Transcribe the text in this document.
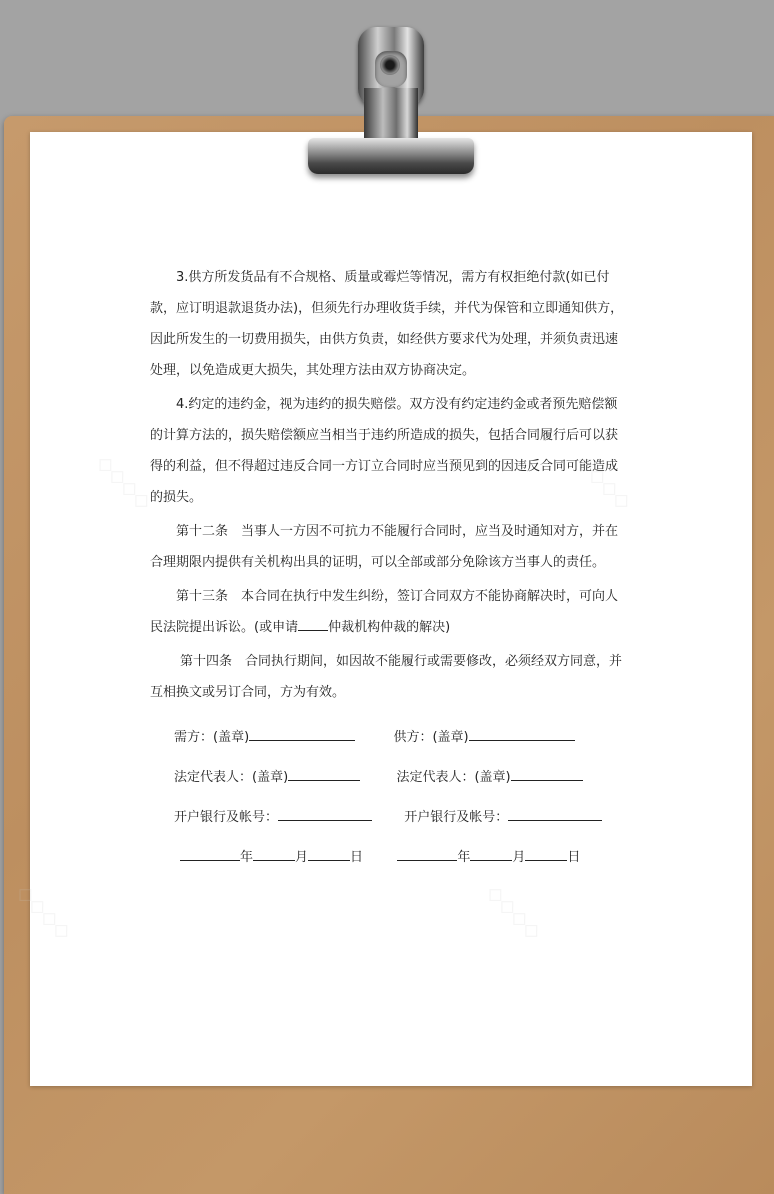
3.供方所发货品有不合规格、质量或霉烂等情况，需方有权拒绝付款(如已付款，应订明退款退货办法)，但须先行办理收货手续，并代为保管和立即通知供方，因此所发生的一切费用损失，由供方负责，如经供方要求代为处理，并须负责迅速处理，以免造成更大损失，其处理方法由双方协商决定。

4.约定的违约金，视为违约的损失赔偿。双方没有约定违约金或者预先赔偿额的计算方法的，损失赔偿额应当相当于违约所造成的损失，包括合同履行后可以获得的利益，但不得超过违反合同一方订立合同时应当预见到的因违反合同可能造成的损失。

第十二条　当事人一方因不可抗力不能履行合同时，应当及时通知对方，并在合理期限内提供有关机构出具的证明，可以全部或部分免除该方当事人的责任。

第十三条　本合同在执行中发生纠纷，签订合同双方不能协商解决时，可向人民法院提出诉讼。(或申请 仲裁机构仲裁的解决)

第十四条　合同执行期间，如因故不能履行或需要修改，必须经双方同意，并互相换文或另订合同，方为有效。

需方：(盖章)	供方：(盖章)
法定代表人：(盖章)	法定代表人：(盖章)
开户银行及帐号：	开户银行及帐号：
年	月	日	年	月	日
